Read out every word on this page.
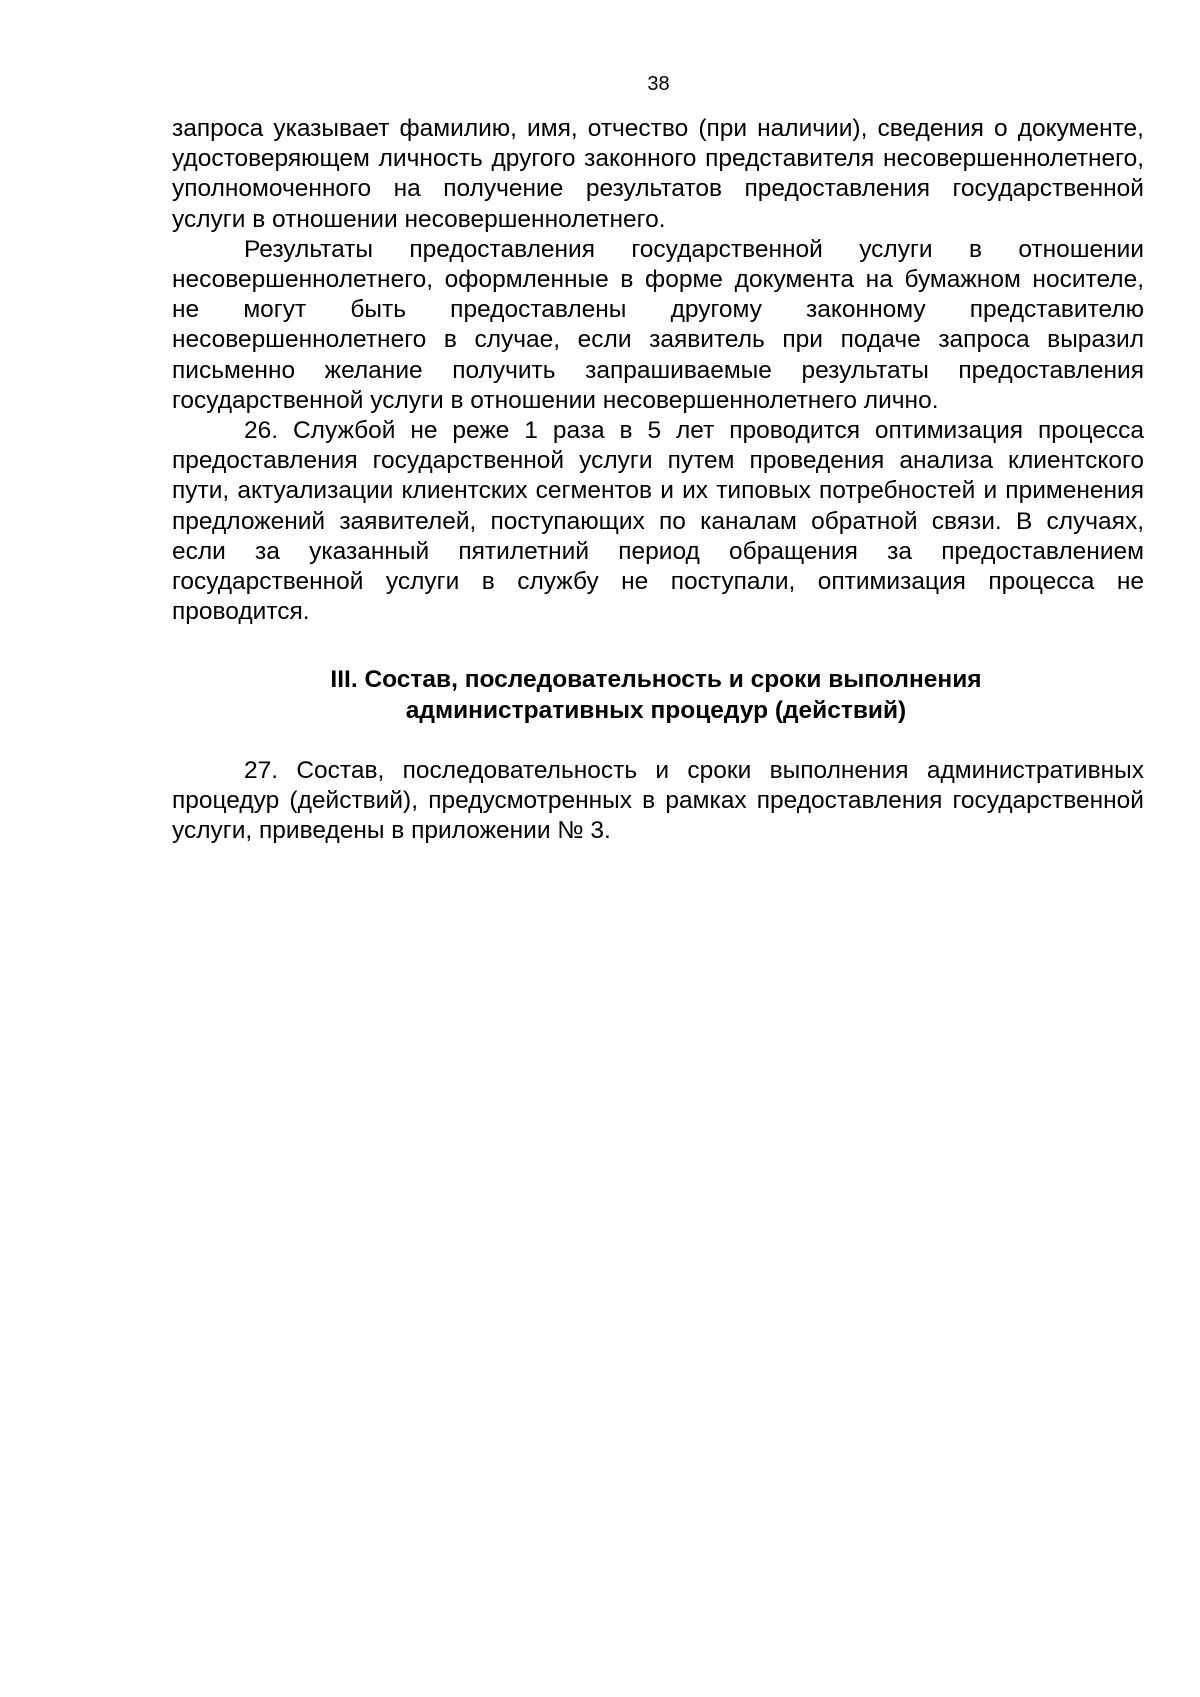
38

запроса указывает фамилию, имя, отчество (при наличии), сведения о документе, удостоверяющем личность другого законного представителя несовершеннолетнего, уполномоченного на получение результатов предоставления государственной услуги в отношении несовершеннолетнего.

Результаты предоставления государственной услуги в отношении несовершеннолетнего, оформленные в форме документа на бумажном носителе, не могут быть предоставлены другому законному представителю несовершеннолетнего в случае, если заявитель при подаче запроса выразил письменно желание получить запрашиваемые результаты предоставления государственной услуги в отношении несовершеннолетнего лично.

26. Службой не реже 1 раза в 5 лет проводится оптимизация процесса предоставления государственной услуги путем проведения анализа клиентского пути, актуализации клиентских сегментов и их типовых потребностей и применения предложений заявителей, поступающих по каналам обратной связи. В случаях, если за указанный пятилетний период обращения за предоставлением государственной услуги в службу не поступали, оптимизация процесса не проводится.

III. Состав, последовательность и сроки выполнения
административных процедур (действий)

27. Состав, последовательность и сроки выполнения административных процедур (действий), предусмотренных в рамках предоставления государственной услуги, приведены в приложении № 3.
